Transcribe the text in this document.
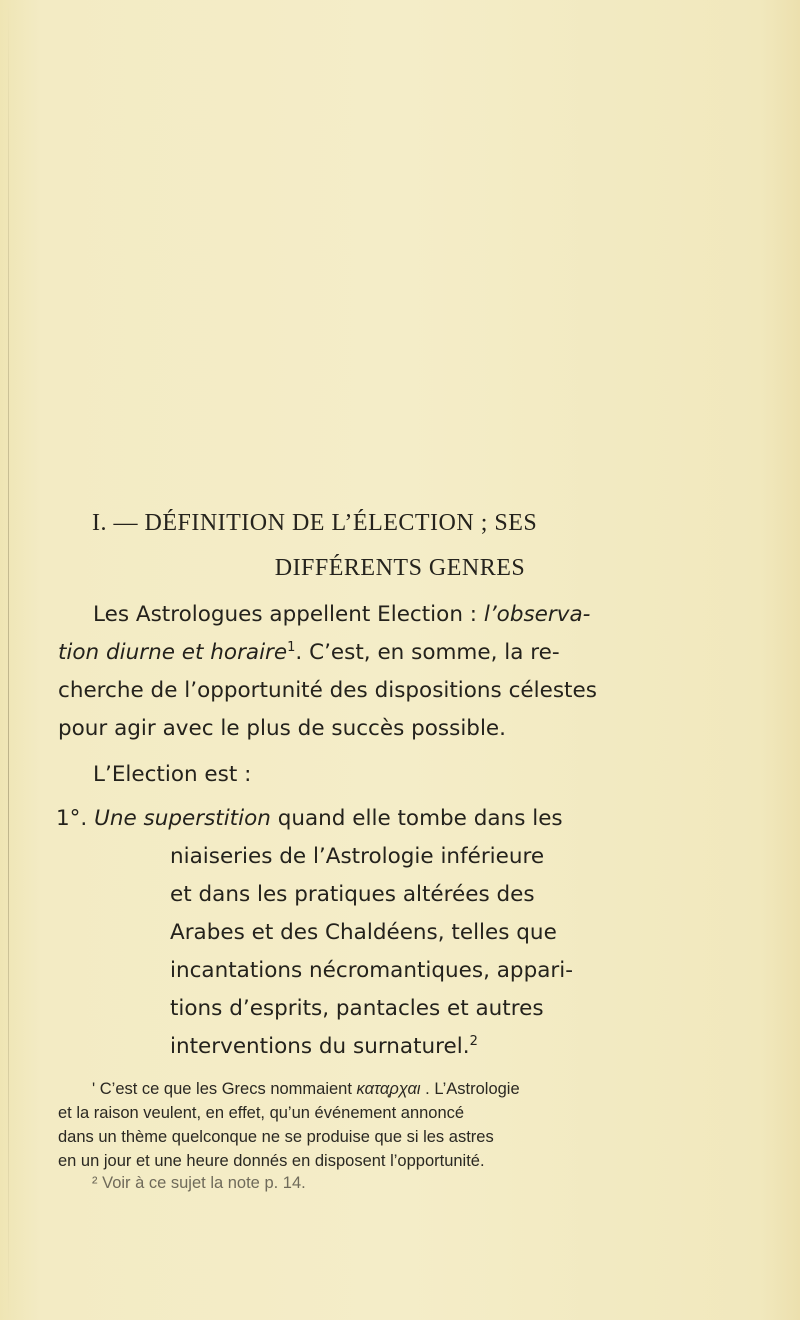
I. — DÉFINITION DE L’ÉLECTION ; SES
DIFFÉRENTS GENRES
Les Astrologues appellent Election : l’observa-
tion diurne et horaire$^1$. C’est, en somme, la re-
cherche de l’opportunité des dispositions célestes
pour agir avec le plus de succès possible.
L’Election est :
1°. Une superstition quand elle tombe dans les
niaiseries de l’Astrologie inférieure
et dans les pratiques altérées des
Arabes et des Chaldéens, telles que
incantations nécromantiques, appari-
tions d’esprits, pantacles et autres
interventions du surnaturel.$^2$
' C’est ce que les Grecs nommaient κατα̨ρχαι . L’Astrologie
et la raison veulent, en effet, qu’un événement annoncé
dans un thème quelconque ne se produise que si les astres
en un jour et une heure donnés en disposent l’opportunité.
² Voir à ce sujet la note p. 14.
